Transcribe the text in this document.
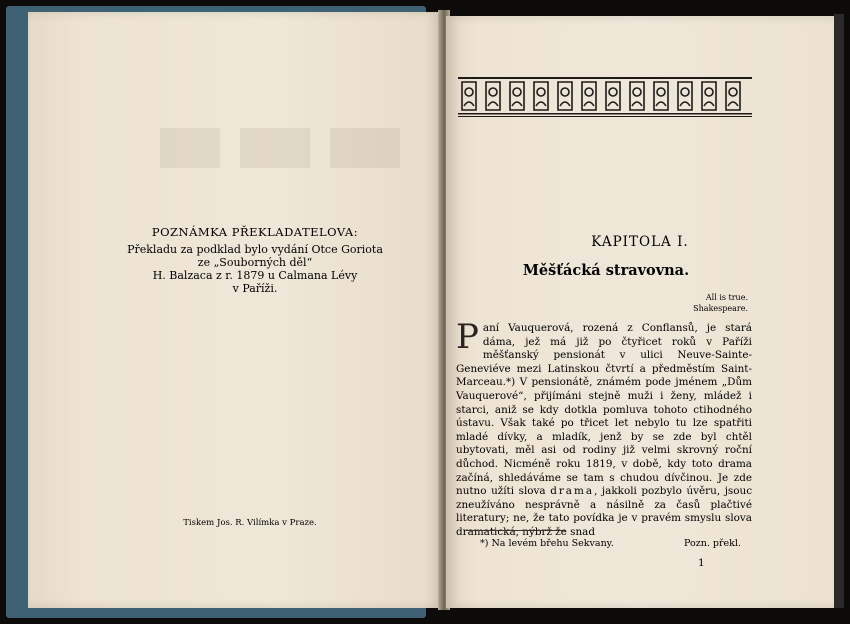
POZNÁMKA PŘEKLADATELOVA:
Překladu za podklad bylo vydání Otce Goriota
ze „Souborných děl“
H. Balzaca z r. 1879 u Calmana Lévy
v Paříži.
Tiskem Jos. R. Vilímka v Praze.
KAPITOLA I.
Měšťácká stravovna.
All is true.
Shakespeare.
Paní Vauquerová, rozená z Conflansů, je stará dáma, jež má již po čtyřicet roků v Paříži měšťanský pensionát v ulici Neuve-Sainte-Geneviéve mezi Latinskou čtvrtí a předměstím Saint-Marceau.*) V pensionátě, známém pode jménem „Dům Vauquerové“, přijímáni stejně muži i ženy, mládež i starci, aniž se kdy dotkla pomluva tohoto ctihodného ústavu. Však také po třicet let nebylo tu lze spatřiti mladé dívky, a mladík, jenž by se zde byl chtěl ubytovati, měl asi od rodiny již velmi skrovný roční důchod. Nicméně roku 1819, v době, kdy toto drama začíná, shledáváme se tam s chudou dívčinou. Je zde nutno užíti slova drama, jakkoli pozbylo úvěru, jsouc zneužíváno nesprávně a násilně za časů plačtivé literatury; ne, že tato povídka je v pravém smyslu slova dramatická, nýbrž že snad
*) Na levém břehu Sekvany.	Pozn. překl.
1
